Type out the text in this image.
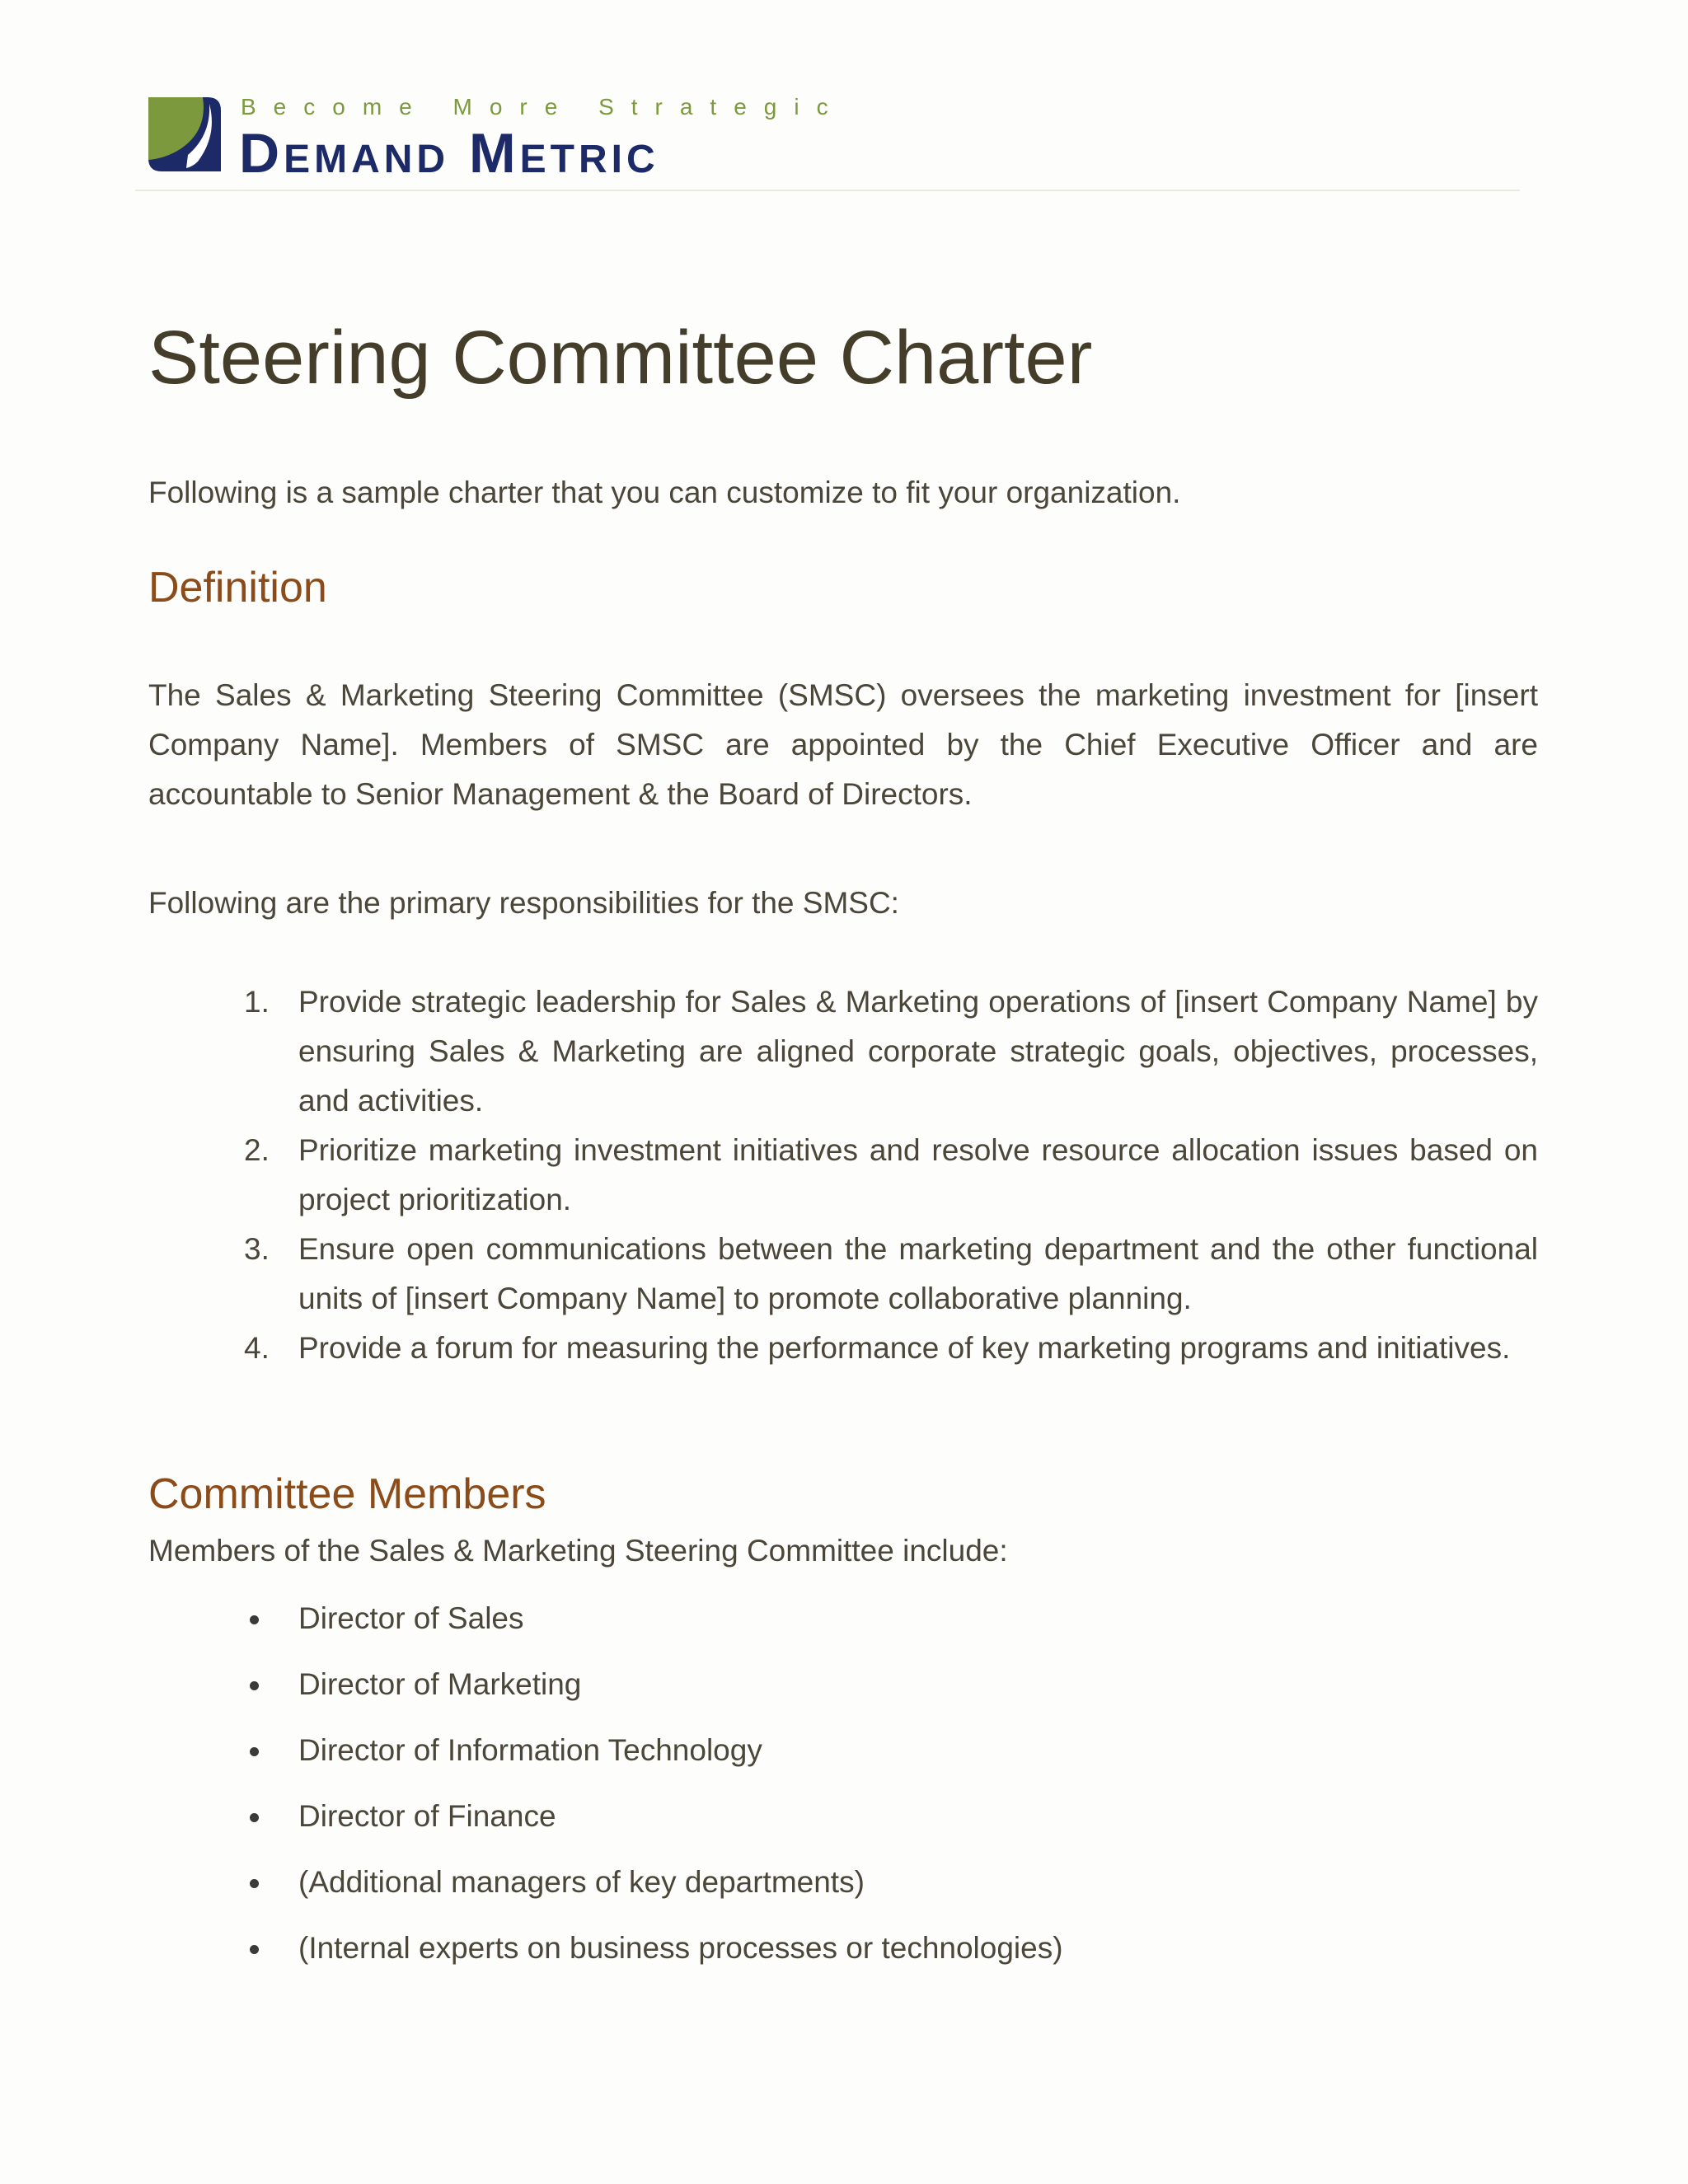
Become More Strategic
Demand Metric
Steering Committee Charter

Following is a sample charter that you can customize to fit your organization.

Definition

The Sales & Marketing Steering Committee (SMSC) oversees the marketing investment for [insert Company Name]. Members of SMSC are appointed by the Chief Executive Officer and are accountable to Senior Management & the Board of Directors.

Following are the primary responsibilities for the SMSC:

1. Provide strategic leadership for Sales & Marketing operations of [insert Company Name] by ensuring Sales & Marketing are aligned corporate strategic goals, objectives, processes, and activities.
2. Prioritize marketing investment initiatives and resolve resource allocation issues based on project prioritization.
3. Ensure open communications between the marketing department and the other functional units of [insert Company Name] to promote collaborative planning.
4. Provide a forum for measuring the performance of key marketing programs and initiatives.
Committee Members

Members of the Sales & Marketing Steering Committee include:

Director of Sales
Director of Marketing
Director of Information Technology
Director of Finance
(Additional managers of key departments)
(Internal experts on business processes or technologies)
